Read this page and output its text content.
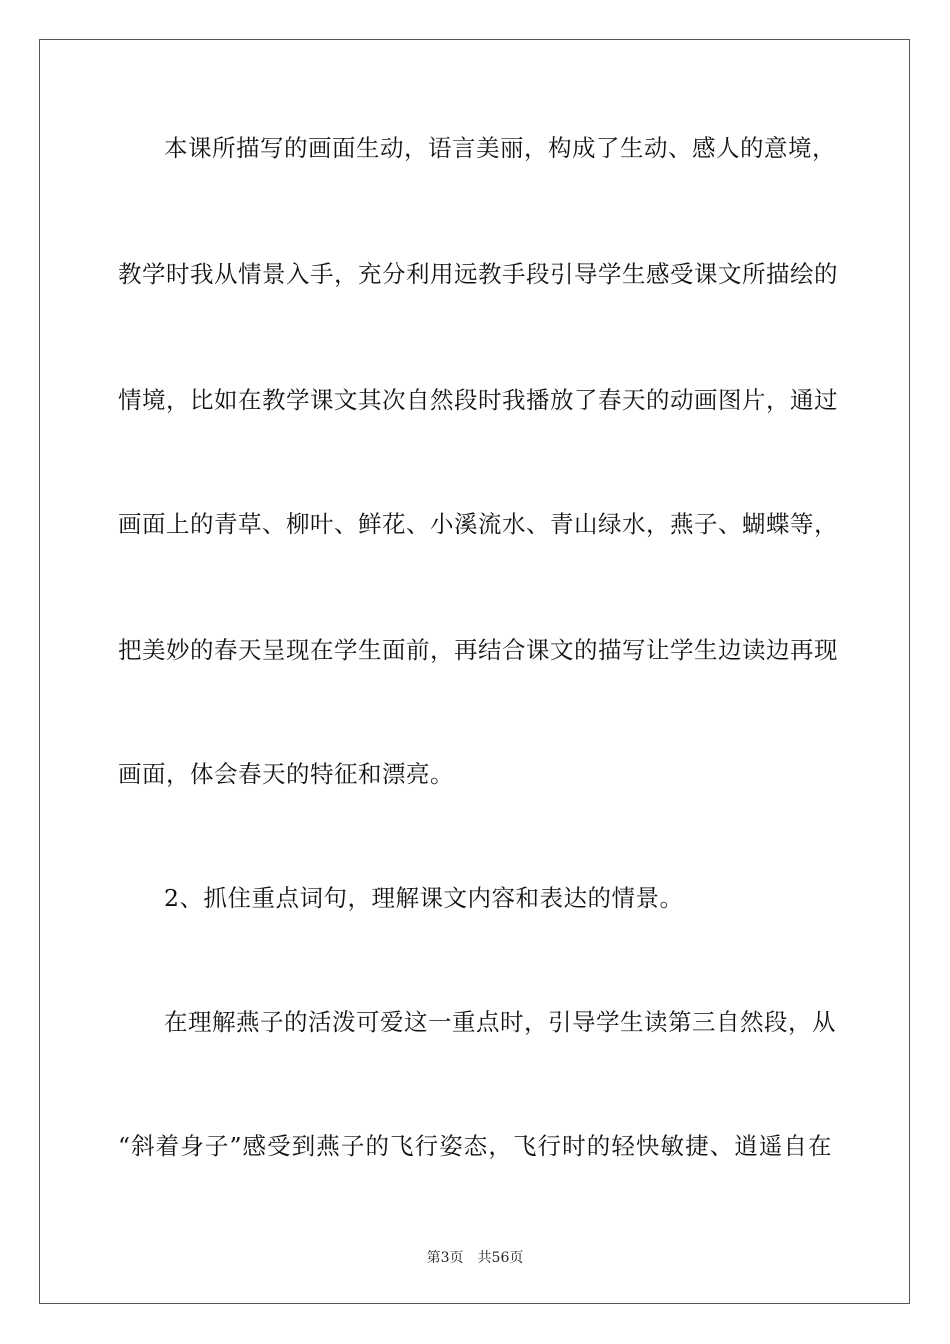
本课所描写的画面生动，语言美丽，构成了生动、感人的意境，
教学时我从情景入手，充分利用远教手段引导学生感受课文所描绘的
情境，比如在教学课文其次自然段时我播放了春天的动画图片，通过
画面上的青草、柳叶、鲜花、小溪流水、青山绿水，燕子、蝴蝶等，
把美妙的春天呈现在学生面前，再结合课文的描写让学生边读边再现
画面，体会春天的特征和漂亮。
2、抓住重点词句，理解课文内容和表达的情景。
在理解燕子的活泼可爱这一重点时，引导学生读第三自然段，从
“斜着身子”感受到燕子的飞行姿态，飞行时的轻快敏捷、逍遥自在
第3页 共56页
